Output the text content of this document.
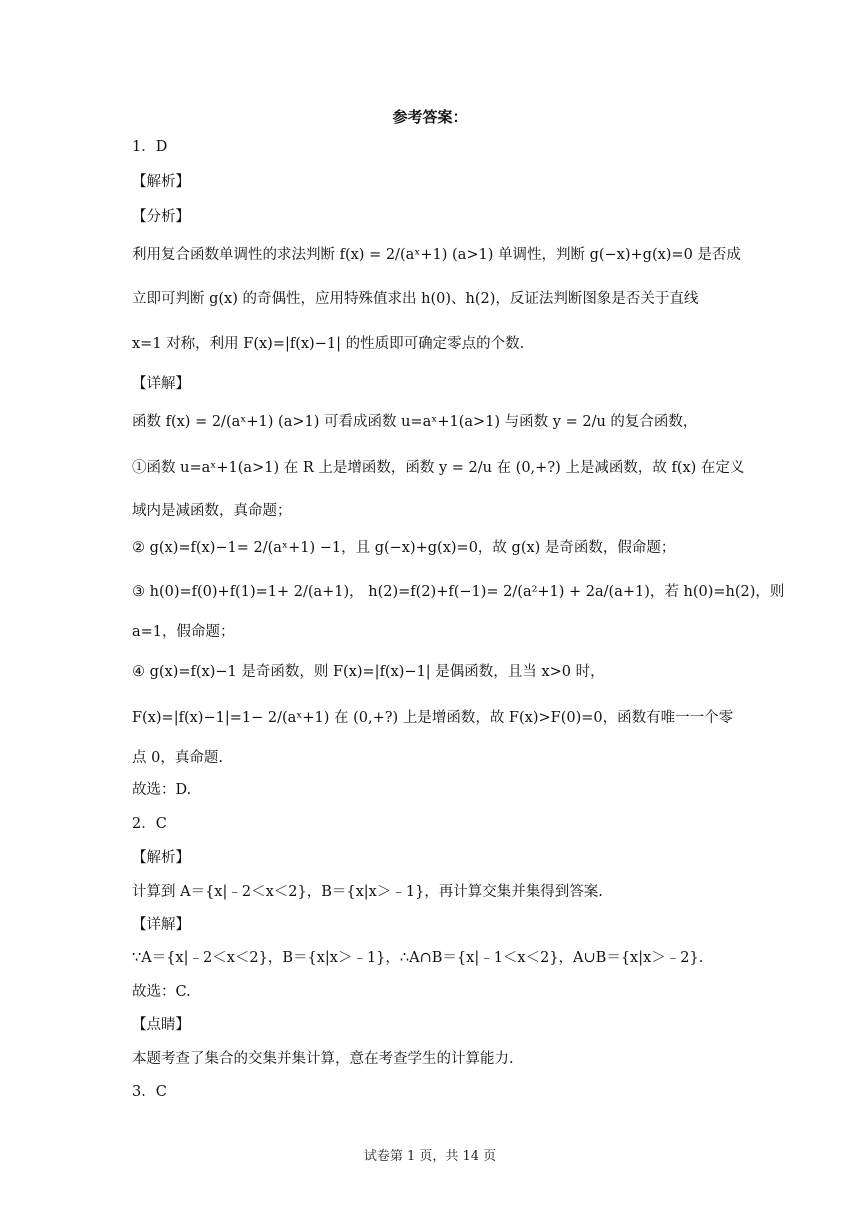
参考答案：
1．D
【解析】
【分析】
利用复合函数单调性的求法判断 f(x) = 2/(aˣ+1) (a>1) 单调性，判断 g(−x)+g(x)=0 是否成
立即可判断 g(x) 的奇偶性，应用特殊值求出 h(0)、h(2)，反证法判断图象是否关于直线
x=1 对称，利用 F(x)=|f(x)−1| 的性质即可确定零点的个数.
【详解】
函数 f(x) = 2/(aˣ+1) (a>1) 可看成函数 u=aˣ+1(a>1) 与函数 y = 2/u 的复合函数，
①函数 u=aˣ+1(a>1) 在 R 上是增函数，函数 y = 2/u 在 (0,+?) 上是减函数，故 f(x) 在定义
域内是减函数，真命题；
② g(x)=f(x)−1= 2/(aˣ+1) −1，且 g(−x)+g(x)=0，故 g(x) 是奇函数，假命题；
③ h(0)=f(0)+f(1)=1+ 2/(a+1)， h(2)=f(2)+f(−1)= 2/(a²+1) + 2a/(a+1)，若 h(0)=h(2)，则
a=1，假命题；
④ g(x)=f(x)−1 是奇函数，则 F(x)=|f(x)−1| 是偶函数，且当 x>0 时，
F(x)=|f(x)−1|=1− 2/(aˣ+1) 在 (0,+?) 上是增函数，故 F(x)>F(0)=0，函数有唯一一个零
点 0，真命题.
故选：D.
2．C
【解析】
计算到 A＝{x|﹣2＜x＜2}，B＝{x|x＞﹣1}，再计算交集并集得到答案.
【详解】
∵A＝{x|﹣2＜x＜2}，B＝{x|x＞﹣1}，∴A∩B＝{x|﹣1＜x＜2}，A∪B＝{x|x＞﹣2}.
故选：C.
【点睛】
本题考查了集合的交集并集计算，意在考查学生的计算能力.
3．C
试卷第 1 页，共 14 页
